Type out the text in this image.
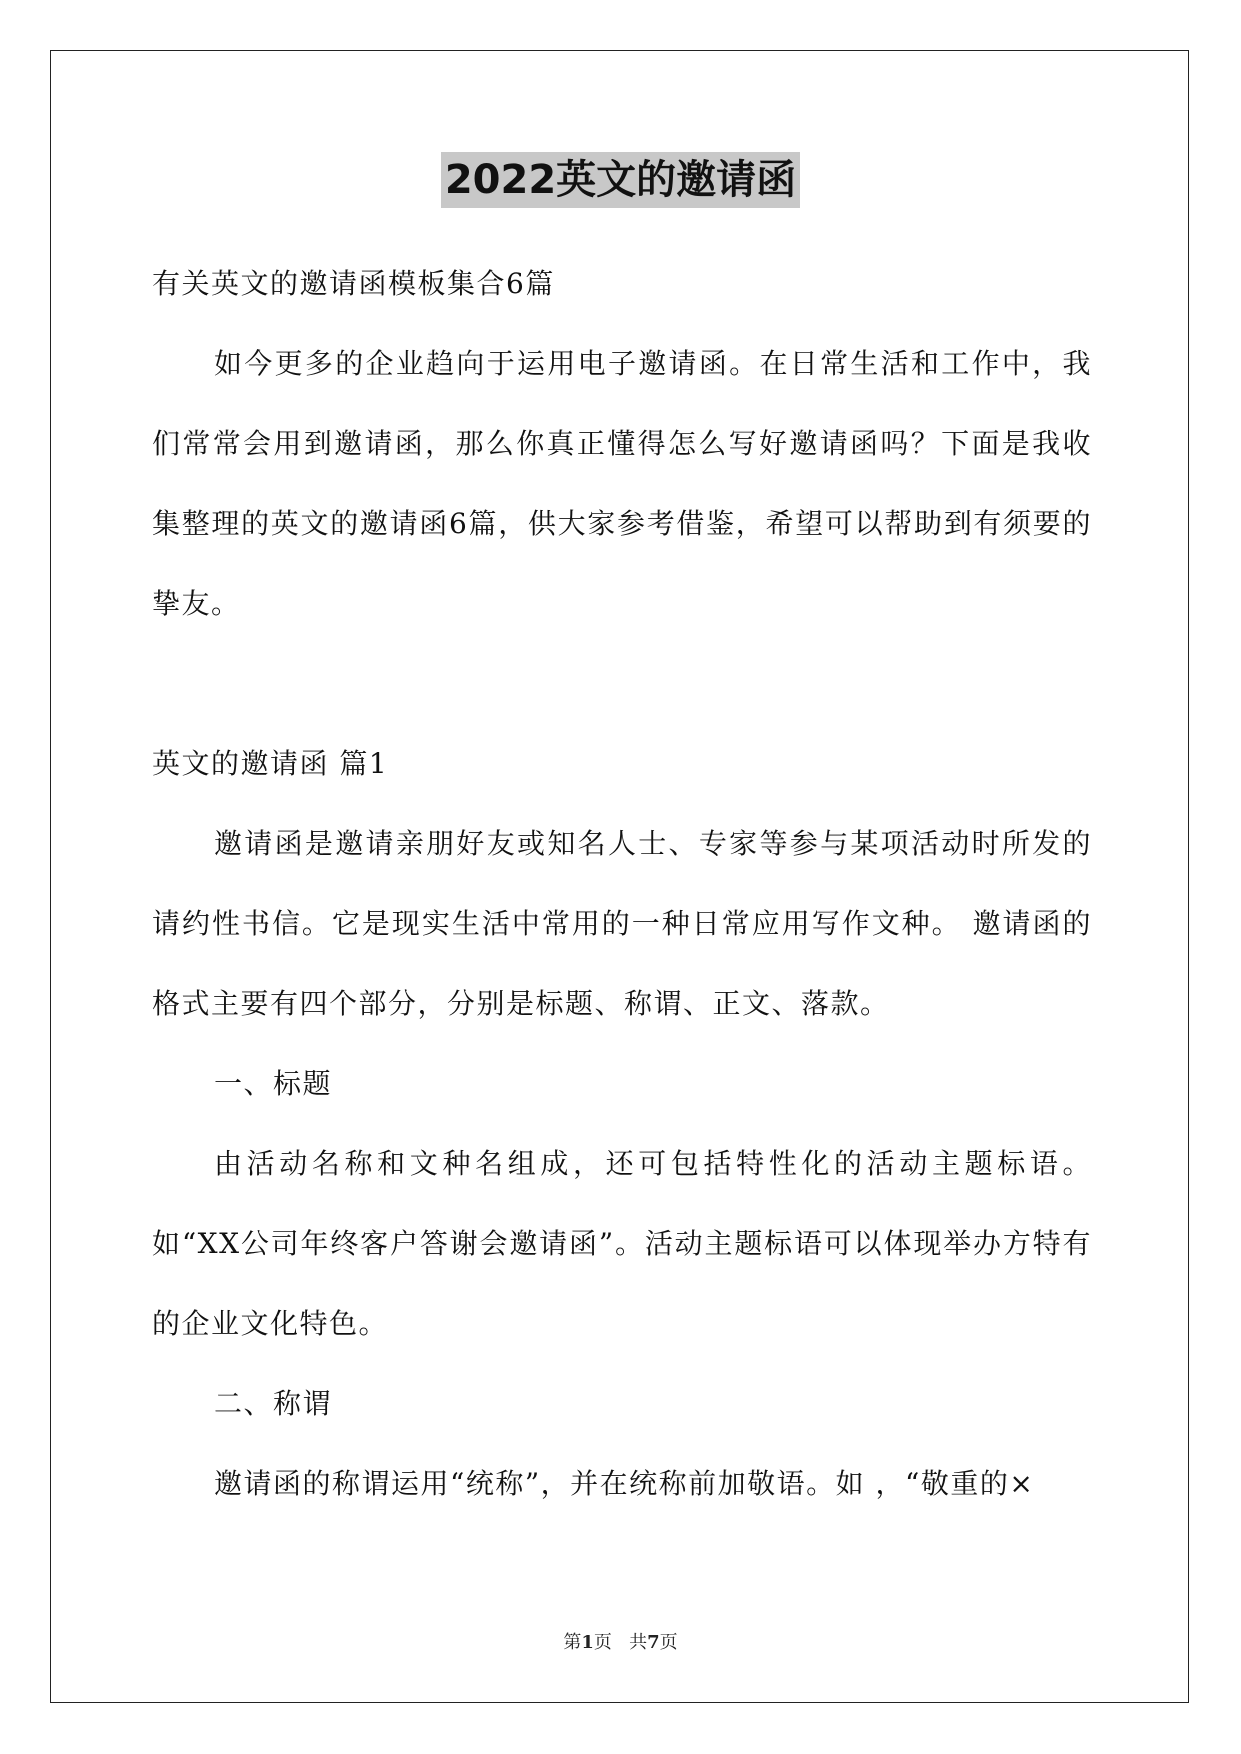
2022英文的邀请函

有关英文的邀请函模板集合6篇

如今更多的企业趋向于运用电子邀请函。在日常生活和工作中，我们常常会用到邀请函，那么你真正懂得怎么写好邀请函吗？下面是我收集整理的英文的邀请函6篇，供大家参考借鉴，希望可以帮助到有须要的挚友。

英文的邀请函 篇1

邀请函是邀请亲朋好友或知名人士、专家等参与某项活动时所发的请约性书信。它是现实生活中常用的一种日常应用写作文种。 邀请函的格式主要有四个部分，分别是标题、称谓、正文、落款。

一、标题

由活动名称和文种名组成，还可包括特性化的活动主题标语。如“XX公司年终客户答谢会邀请函”。活动主题标语可以体现举办方特有的企业文化特色。

二、称谓

邀请函的称谓运用“统称”，并在统称前加敬语。如 ，“敬重的×

第1页 共7页
